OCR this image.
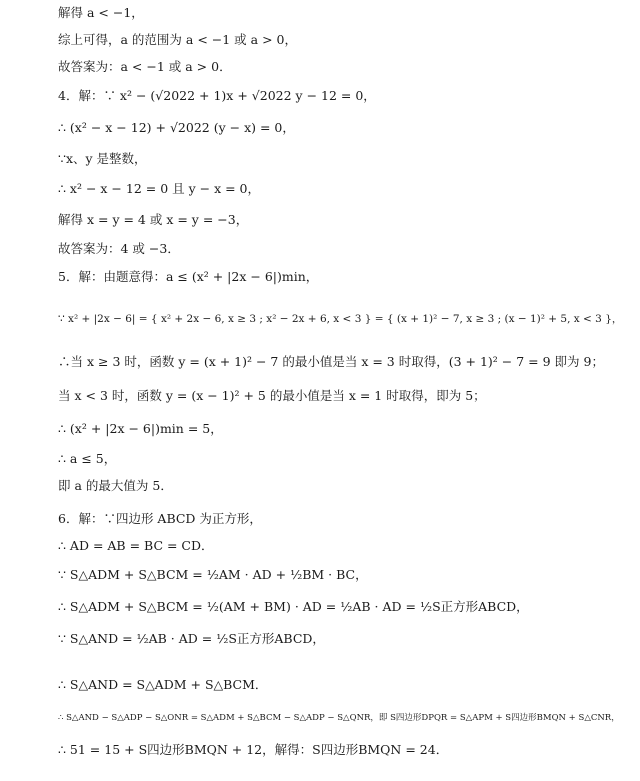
解得 a < −1，
综上可得，a 的范围为 a < −1 或 a > 0，
故答案为：a < −1 或 a > 0．
4．解：∵ x² − (√2022 + 1)x + √2022 y − 12 = 0，
∴ (x² − x − 12) + √2022 (y − x) = 0，
∵x、y 是整数，
∴ x² − x − 12 = 0 且 y − x = 0，
解得 x = y = 4 或 x = y = −3，
故答案为：4 或 −3．
5．解：由题意得：a ≤ (x² + |2x − 6|)min，
∵ x² + |2x − 6| = { x² + 2x − 6, x ≥ 3 ; x² − 2x + 6, x < 3 } = { (x + 1)² − 7, x ≥ 3 ; (x − 1)² + 5, x < 3 }，
∴当 x ≥ 3 时，函数 y = (x + 1)² − 7 的最小值是当 x = 3 时取得，(3 + 1)² − 7 = 9 即为 9；
当 x < 3 时，函数 y = (x − 1)² + 5 的最小值是当 x = 1 时取得，即为 5；
∴ (x² + |2x − 6|)min = 5，
∴ a ≤ 5，
即 a 的最大值为 5．
6．解：∵四边形 ABCD 为正方形，
∴ AD = AB = BC = CD．
∵ S△ADM + S△BCM = ½AM · AD + ½BM · BC，
∴ S△ADM + S△BCM = ½(AM + BM) · AD = ½AB · AD = ½S正方形ABCD，
∵ S△AND = ½AB · AD = ½S正方形ABCD，
∴ S△AND = S△ADM + S△BCM．
∴ S△AND − S△ADP − S△ONR = S△ADM + S△BCM − S△ADP − S△QNR，即 S四边形DPQR = S△APM + S四边形BMQN + S△CNR，
∴ 51 = 15 + S四边形BMQN + 12，解得：S四边形BMQN = 24．
